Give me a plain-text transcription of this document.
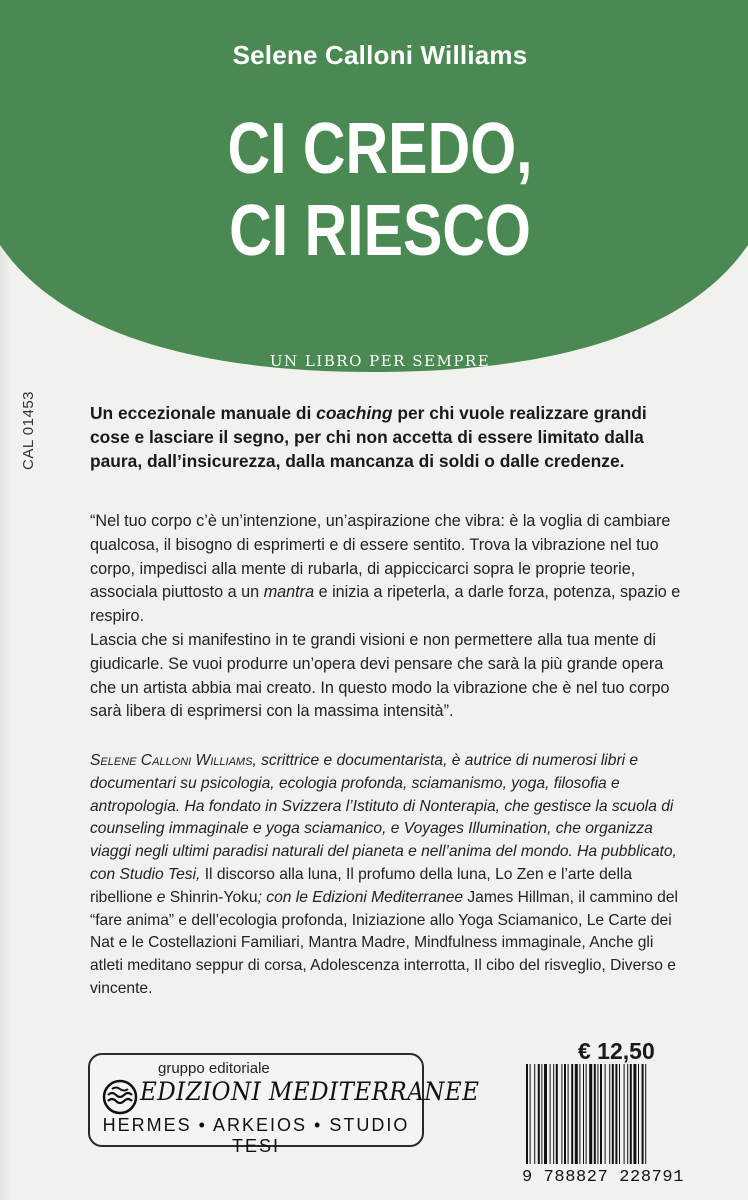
Selene Calloni Williams
CI CREDO,
CI RIESCO
UN LIBRO PER SEMPRE
CAL 01453	Un eccezionale manuale di coaching per chi vuole realizzare grandi cose e lasciare il segno, per chi non accetta di essere limitato dalla paura, dall’insicurezza, dalla mancanza di soldi o dalle credenze.

“Nel tuo corpo c’è un’intenzione, un’aspirazione che vibra: è la voglia di cambiare qualcosa, il bisogno di esprimerti e di essere sentito. Trova la vibrazione nel tuo corpo, impedisci alla mente di rubarla, di appiccicarci sopra le proprie teorie, associala piuttosto a un mantra e inizia a ripeterla, a darle forza, potenza, spazio e respiro.

Lascia che si manifestino in te grandi visioni e non permettere alla tua mente di giudicarle. Se vuoi produrre un’opera devi pensare che sarà la più grande opera che un artista abbia mai creato. In questo modo la vibrazione che è nel tuo corpo sarà libera di esprimersi con la massima intensità”.

Selene Calloni Williams, scrittrice e documentarista, è autrice di numerosi libri e documentari su psicologia, ecologia profonda, sciamanismo, yoga, filosofia e antropologia. Ha fondato in Svizzera l’Istituto di Nonterapia, che gestisce la scuola di counseling immaginale e yoga sciamanico, e Voyages Illumination, che organizza viaggi negli ultimi paradisi naturali del pianeta e nell’anima del mondo. Ha pubblicato, con Studio Tesi, Il discorso alla luna, Il profumo della luna, Lo Zen e l’arte della ribellione e Shinrin-Yoku; con le Edizioni Mediterranee James Hillman, il cammino del “fare anima” e dell’ecologia profonda, Iniziazione allo Yoga Sciamanico, Le Carte dei Nat e le Costellazioni Familiari, Mantra Madre, Mindfulness immaginale, Anche gli atleti meditano seppur di corsa, Adolescenza interrotta, Il cibo del risveglio, Diverso e vincente.
gruppo editoriale
EDIZIONI MEDITERRANEE
HERMES • ARKEIOS • STUDIO TESI
€ 12,50
9 788827 228791
